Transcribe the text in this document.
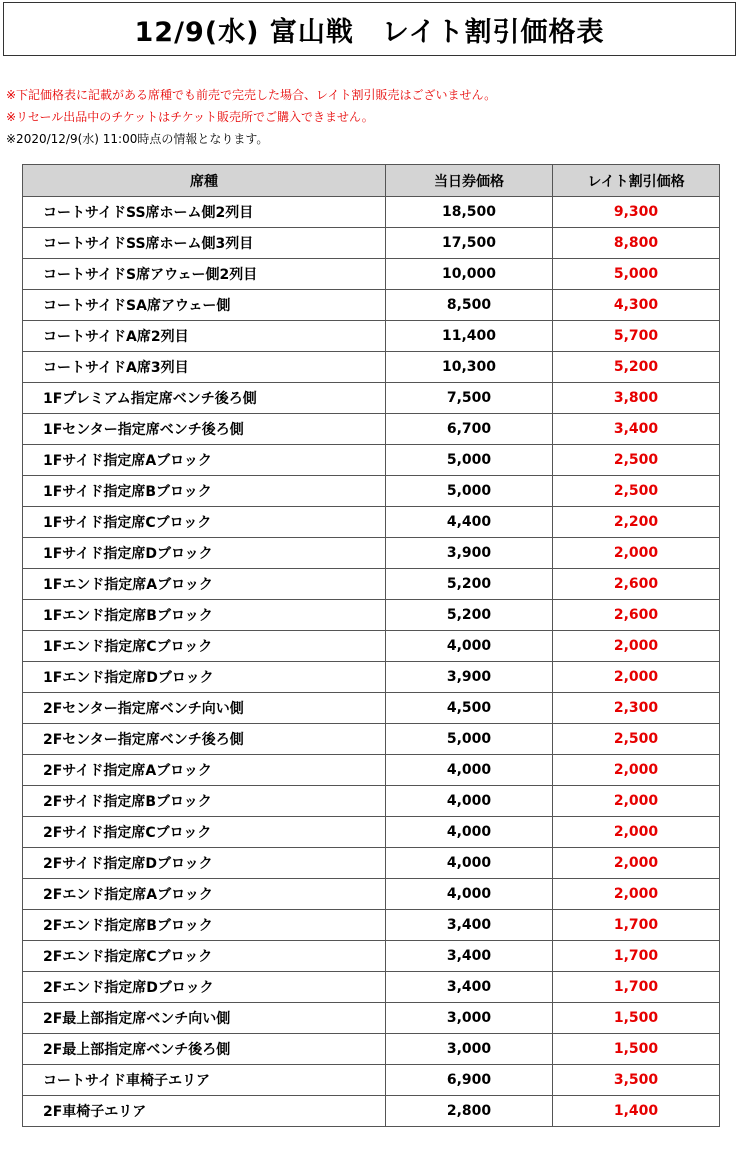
12/9(水) 富山戦　レイト割引価格表
※下記価格表に記載がある席種でも前売で完売した場合、レイト割引販売はございません。
※リセール出品中のチケットはチケット販売所でご購入できません。
※2020/12/9(水) 11:00時点の情報となります。
席種	当日券価格	レイト割引価格
コートサイドSS席ホーム側2列目	18,500	9,300
コートサイドSS席ホーム側3列目	17,500	8,800
コートサイドS席アウェー側2列目	10,000	5,000
コートサイドSA席アウェー側	8,500	4,300
コートサイドA席2列目	11,400	5,700
コートサイドA席3列目	10,300	5,200
1Fプレミアム指定席ベンチ後ろ側	7,500	3,800
1Fセンター指定席ベンチ後ろ側	6,700	3,400
1Fサイド指定席Aブロック	5,000	2,500
1Fサイド指定席Bブロック	5,000	2,500
1Fサイド指定席Cブロック	4,400	2,200
1Fサイド指定席Dブロック	3,900	2,000
1Fエンド指定席Aブロック	5,200	2,600
1Fエンド指定席Bブロック	5,200	2,600
1Fエンド指定席Cブロック	4,000	2,000
1Fエンド指定席Dブロック	3,900	2,000
2Fセンター指定席ベンチ向い側	4,500	2,300
2Fセンター指定席ベンチ後ろ側	5,000	2,500
2Fサイド指定席Aブロック	4,000	2,000
2Fサイド指定席Bブロック	4,000	2,000
2Fサイド指定席Cブロック	4,000	2,000
2Fサイド指定席Dブロック	4,000	2,000
2Fエンド指定席Aブロック	4,000	2,000
2Fエンド指定席Bブロック	3,400	1,700
2Fエンド指定席Cブロック	3,400	1,700
2Fエンド指定席Dブロック	3,400	1,700
2F最上部指定席ベンチ向い側	3,000	1,500
2F最上部指定席ベンチ後ろ側	3,000	1,500
コートサイド車椅子エリア	6,900	3,500
2F車椅子エリア	2,800	1,400
